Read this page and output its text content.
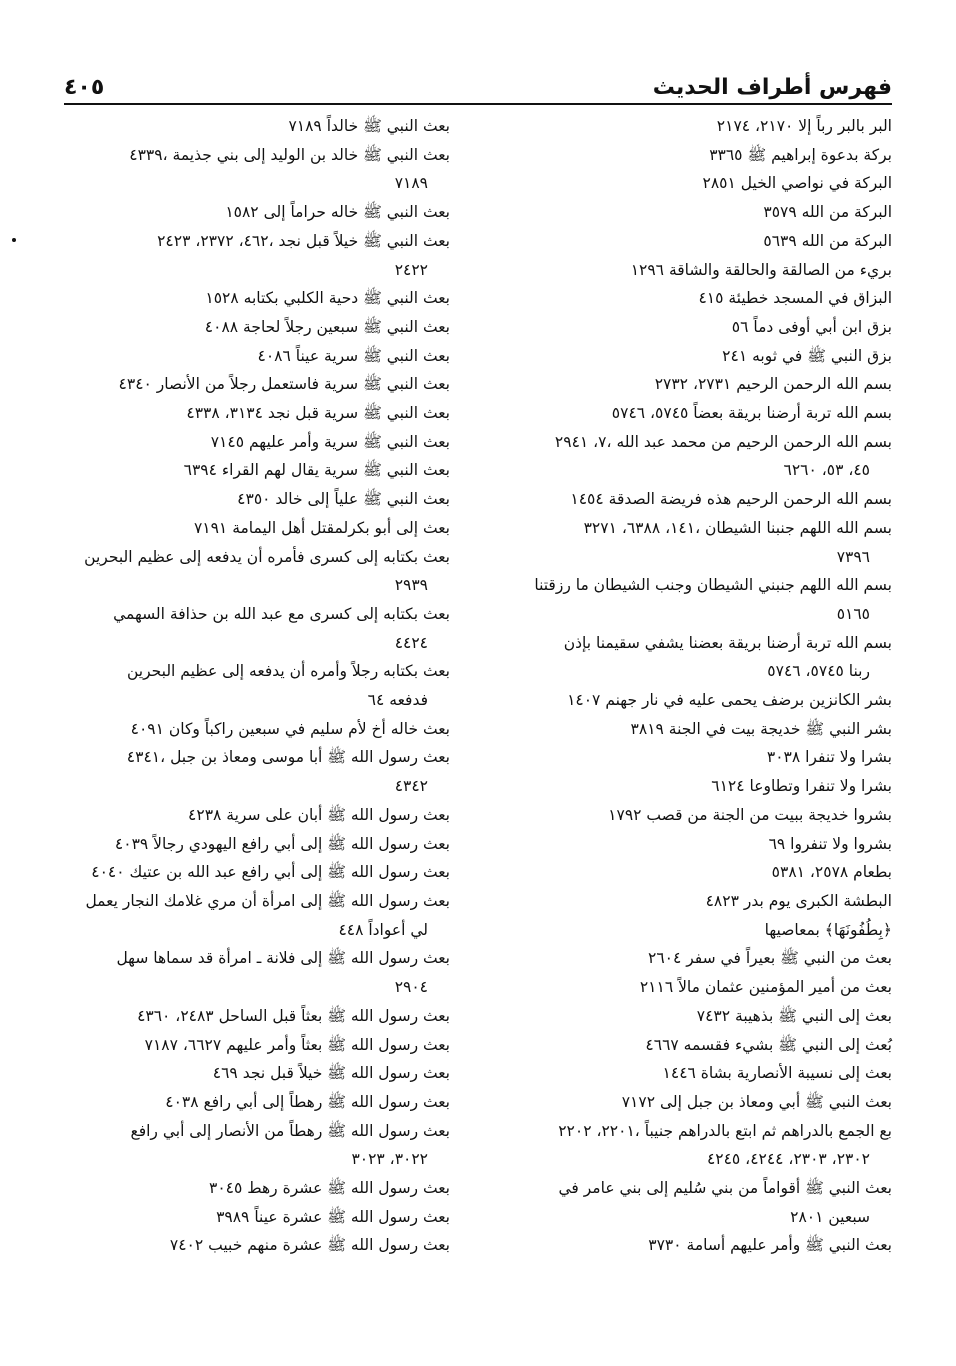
فهرس أطراف الحديث
٤٠٥

البر بالبر رباً إلا ٢١٧٠، ٢١٧٤

بركة بدعوة إبراهيم ﷺ ٣٣٦٥

البركة في نواصي الخيل ٢٨٥١

البركة من الله ٣٥٧٩

البركة من الله ٥٦٣٩

بريء من الصالقة والحالقة والشاقة ١٢٩٦

البزاق في المسجد خطيئة ٤١٥

بزق ابن أبي أوفى دماً ٥٦

بزق النبي ﷺ في ثوبه ٢٤١

بسم الله الرحمن الرحيم ٢٧٣١، ٢٧٣٢

بسم الله تربة أرضنا بريقة بعضاً ٥٧٤٥، ٥٧٤٦

بسم الله الرحمن الرحيم من محمد عبد الله ٧، ٢٩٤١،
٤٥، ٥٣، ٦٢٦٠

بسم الله الرحمن الرحيم هذه فريضة الصدقة ١٤٥٤

بسم الله اللهم جنبنا الشيطان ١٤١، ٦٣٨٨، ٣٢٧١،
٧٣٩٦

بسم الله اللهم جنبني الشيطان وجنب الشيطان ما رزقتنا
٥١٦٥

بسم الله تربة أرضنا بريقة بعضنا يشفي سقيمنا بإذن
ربنا ٥٧٤٥، ٥٧٤٦

بشر الكانزين برضف يحمى عليه في نار جهنم ١٤٠٧

بشر النبي ﷺ خديجة بيت في الجنة ٣٨١٩

بشرا ولا تنفرا ٣٠٣٨

بشرا ولا تنفرا وتطاوعا ٦١٢٤

بشروا خديجة ببيت من الجنة من قصب ١٧٩٢

بشروا ولا تنفروا ٦٩

بطعام ٢٥٧٨، ٥٣٨١

البطشة الكبرى يوم بدر ٤٨٢٣

﴿بِطُفُونَهَا﴾ بمعاصيها

بعث من النبي ﷺ بعيراً في سفر ٢٦٠٤

بعث من أمير المؤمنين عثمان مالاً ٢١١٦

بعث إلى النبي ﷺ بذهيبة ٧٤٣٢

بُعث إلى النبي ﷺ بشيء فقسمه ٤٦٦٧

بعث إلى نسيبة الأنصارية بشاة ١٤٤٦

بعث النبي ﷺ أبي ومعاذ بن جبل إلى ٧١٧٢

بع الجمع بالدراهم ثم ابتع بالدراهم جنيباً ٢٢٠١، ٢٢٠٢،
٢٣٠٢، ٢٣٠٣، ٤٢٤٤، ٤٢٤٥

بعث النبي ﷺ أقواماً من بني سُليم إلى بني عامر في
سبعين ٢٨٠١

بعث النبي ﷺ وأمر عليهم أسامة ٣٧٣٠

بعث النبي ﷺ خالداً ٧١٨٩

بعث النبي ﷺ خالد بن الوليد إلى بني جذيمة ٤٣٣٩،
٧١٨٩

بعث النبي ﷺ خاله حراماً إلى ١٥٨٢

بعث النبي ﷺ خيلاً قبل نجد ٤٦٢، ٢٣٧٢، ٢٤٢٣،
٢٤٢٢

بعث النبي ﷺ دحية الكلبي بكتابه ١٥٢٨

بعث النبي ﷺ سبعين رجلاً لحاجة ٤٠٨٨

بعث النبي ﷺ سرية عيناً ٤٠٨٦

بعث النبي ﷺ سرية فاستعمل رجلاً من الأنصار ٤٣٤٠

بعث النبي ﷺ سرية قبل نجد ٣١٣٤، ٤٣٣٨

بعث النبي ﷺ سرية وأمر عليهم ٧١٤٥

بعث النبي ﷺ سرية يقال لهم القراء ٦٣٩٤

بعث النبي ﷺ علياً إلى خالد ٤٣٥٠

بعث إلى أبو بكرلمقتل أهل اليمامة ٧١٩١

بعث بكتابه إلى كسرى فأمره أن يدفعه إلى عظيم البحرين
٢٩٣٩

بعث بكتابه إلى كسرى مع عبد الله بن حذافة السهمي
٤٤٢٤

بعث بكتابه رجلاً وأمره أن يدفعه إلى عظيم البحرين
فدفعه ٦٤

بعث خاله أخ لأم سليم في سبعين راكباً وكان ٤٠٩١

بعث رسول الله ﷺ أبا موسى ومعاذ بن جبل ٤٣٤١،
٤٣٤٢

بعث رسول الله ﷺ أبان على سرية ٤٢٣٨

بعث رسول الله ﷺ إلى أبي رافع اليهودي رجالاً ٤٠٣٩

بعث رسول الله ﷺ إلى أبي رافع عبد الله بن عتيك ٤٠٤٠

بعث رسول الله ﷺ إلى امرأة أن مري غلامك النجار يعمل
لي أعواداً ٤٤٨

بعث رسول الله ﷺ إلى فلانة ـ امرأة قد سماها سهل
٢٩٠٤

بعث رسول الله ﷺ بعثاً قبل الساحل ٢٤٨٣، ٤٣٦٠

بعث رسول الله ﷺ بعثاً وأمر عليهم ٦٦٢٧، ٧١٨٧

بعث رسول الله ﷺ خيلاً قبل نجد ٤٦٩

بعث رسول الله ﷺ رهطاً إلى أبي رافع ٤٠٣٨

بعث رسول الله ﷺ رهطاً من الأنصار إلى أبي رافع
٣٠٢٢، ٣٠٢٣

بعث رسول الله ﷺ عشرة رهط ٣٠٤٥

بعث رسول الله ﷺ عشرة عيناً ٣٩٨٩

بعث رسول الله ﷺ عشرة منهم خبيب ٧٤٠٢
